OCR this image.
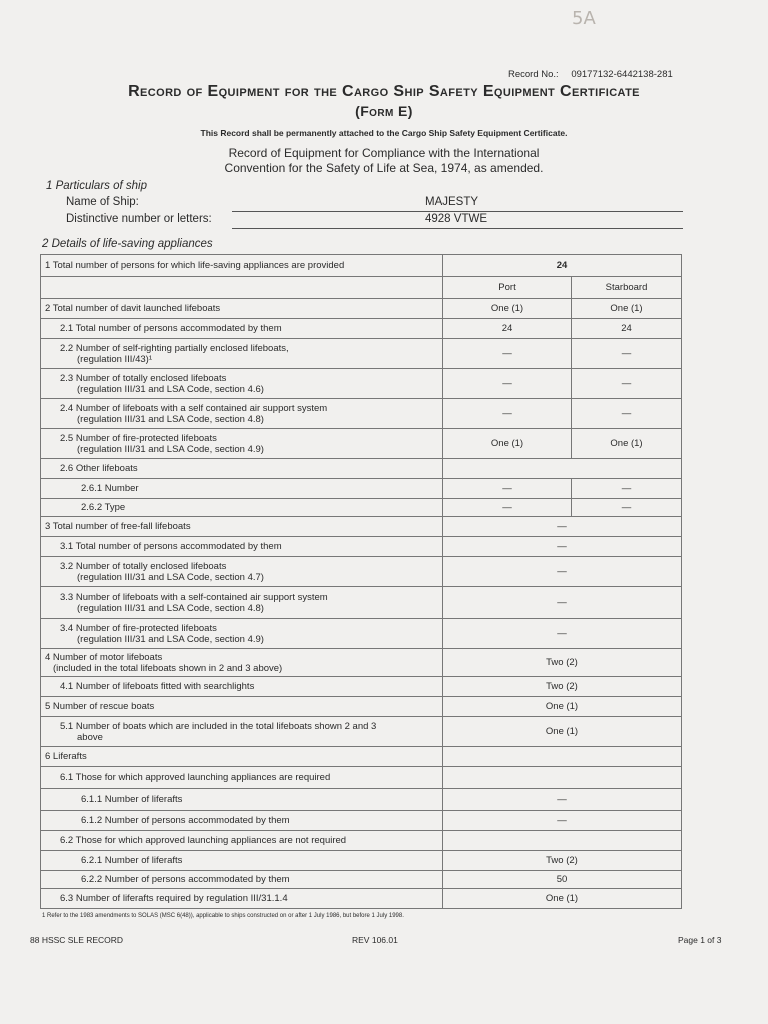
5A
Record No.: 09177132-6442138-281
Record of Equipment for the Cargo Ship Safety Equipment Certificate
(Form E)
This Record shall be permanently attached to the Cargo Ship Safety Equipment Certificate.
Record of Equipment for Compliance with the International
Convention for the Safety of Life at Sea, 1974, as amended.
1 Particulars of ship
Name of Ship:	MAJESTY
Distinctive number or letters:	4928 VTWE
2 Details of life-saving appliances
1 Total number of persons for which life-saving appliances are provided	24	
	Port	Starboard
2 Total number of davit launched lifeboats	One (1)	One (1)
2.1 Total number of persons accommodated by them	24	24

2.2 Number of self-righting partially enclosed lifeboats,
(regulation III/43)¹	—	—

2.3 Number of totally enclosed lifeboats
(regulation III/31 and LSA Code, section 4.6)	—	—

2.4 Number of lifeboats with a self contained air support system
(regulation III/31 and LSA Code, section 4.8)	—	—

2.5 Number of fire-protected lifeboats
(regulation III/31 and LSA Code, section 4.9)	One (1)	One (1)
2.6 Other lifeboats		
2.6.1 Number	—	—
2.6.2 Type	—	—
3 Total number of free-fall lifeboats	—	
3.1 Total number of persons accommodated by them	—	

3.2 Number of totally enclosed lifeboats
(regulation III/31 and LSA Code, section 4.7)	—	

3.3 Number of lifeboats with a self-contained air support system
(regulation III/31 and LSA Code, section 4.8)	—	

3.4 Number of fire-protected lifeboats
(regulation III/31 and LSA Code, section 4.9)	—	

4 Number of motor lifeboats
(included in the total lifeboats shown in 2 and 3 above)	Two (2)	
4.1 Number of lifeboats fitted with searchlights	Two (2)	
5 Number of rescue boats	One (1)	

5.1 Number of boats which are included in the total lifeboats shown 2 and 3
above	One (1)	
6 Liferafts		
6.1 Those for which approved launching appliances are required		
6.1.1 Number of liferafts	—	
6.1.2 Number of persons accommodated by them	—	
6.2 Those for which approved launching appliances are not required		
6.2.1 Number of liferafts	Two (2)	
6.2.2 Number of persons accommodated by them	50	
6.3 Number of liferafts required by regulation III/31.1.4	One (1)	
1 Refer to the 1983 amendments to SOLAS (MSC 6(48)), applicable to ships constructed on or after 1 July 1986, but before 1 July 1998.
88 HSSC SLE RECORD	REV 106.01	Page 1 of 3
